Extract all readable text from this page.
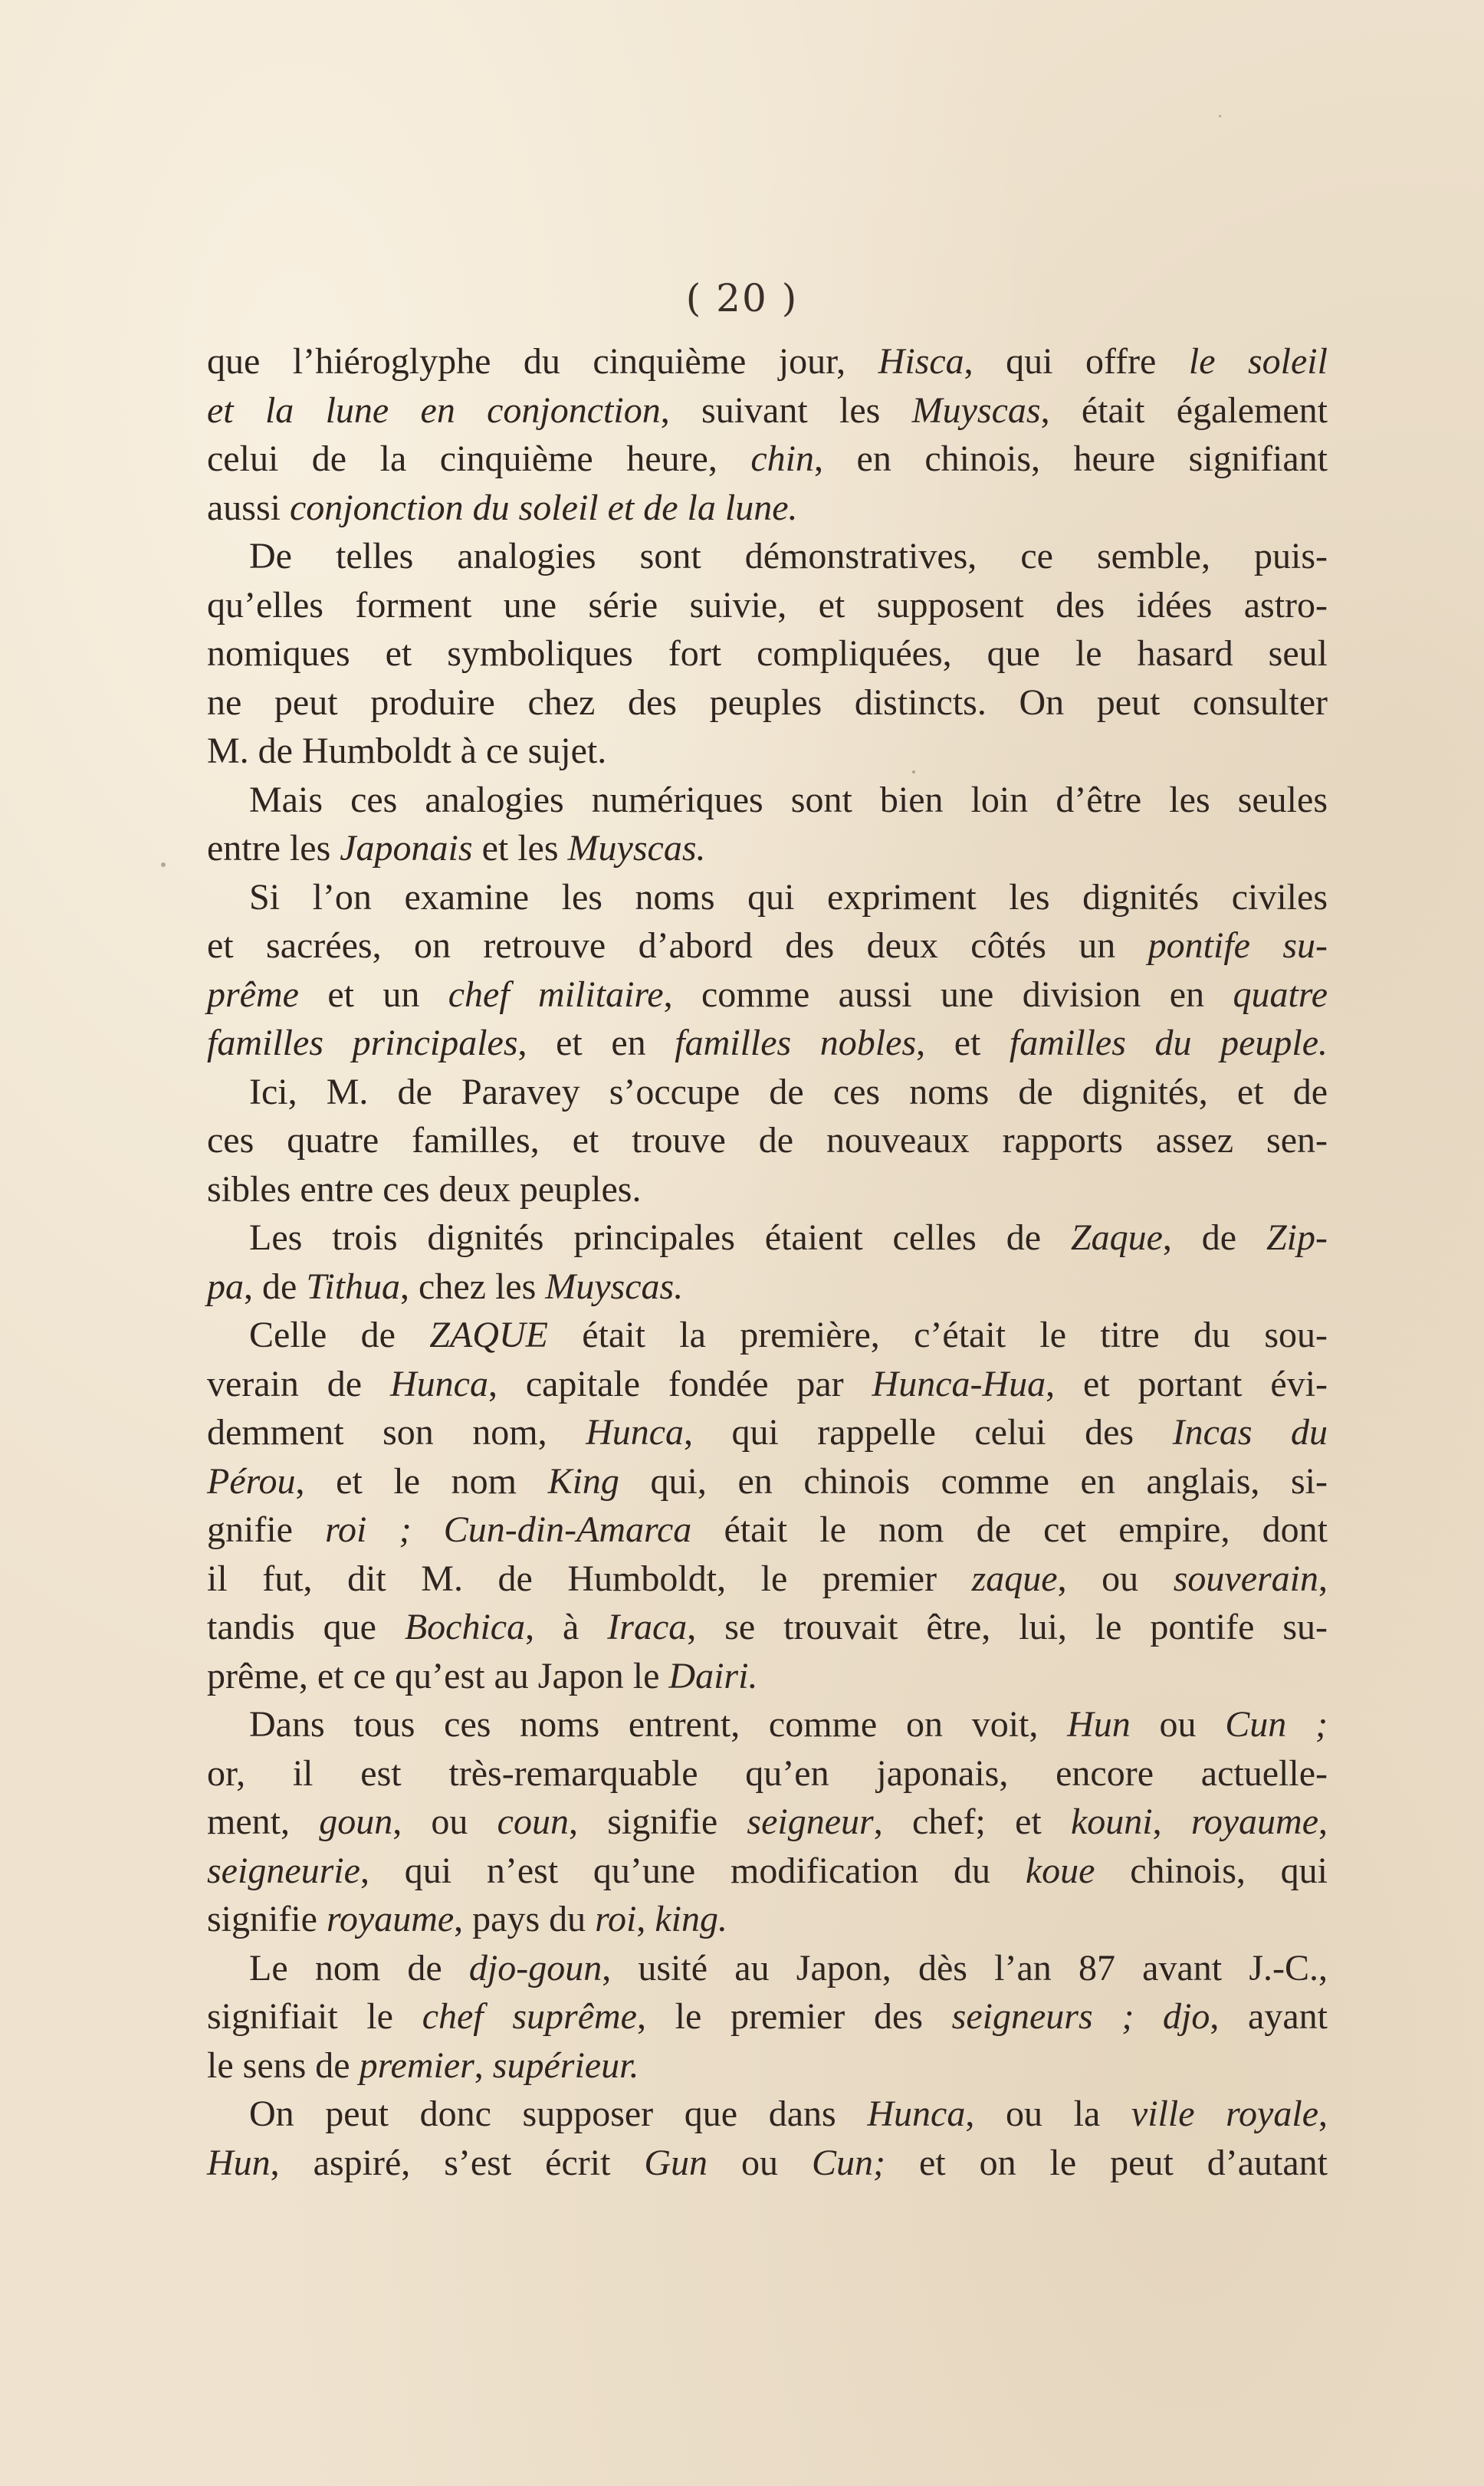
( 20 )
que l’hiéroglyphe du cinquième jour, Hisca, qui offre le soleil
et la lune en conjonction, suivant les Muyscas, était également
celui de la cinquième heure, chin, en chinois, heure signifiant
aussi conjonction du soleil et de la lune.
De telles analogies sont démonstratives, ce semble, puis-
qu’elles forment une série suivie, et supposent des idées astro-
nomiques et symboliques fort compliquées, que le hasard seul
ne peut produire chez des peuples distincts. On peut consulter
M. de Humboldt à ce sujet.
Mais ces analogies numériques sont bien loin d’être les seules
entre les Japonais et les Muyscas.
Si l’on examine les noms qui expriment les dignités civiles
et sacrées, on retrouve d’abord des deux côtés un pontife su-
prême et un chef militaire, comme aussi une division en quatre
familles principales, et en familles nobles, et familles du peuple.
Ici, M. de Paravey s’occupe de ces noms de dignités, et de
ces quatre familles, et trouve de nouveaux rapports assez sen-
sibles entre ces deux peuples.
Les trois dignités principales étaient celles de Zaque, de Zip-
pa, de Tithua, chez les Muyscas.
Celle de ZAQUE était la première, c’était le titre du sou-
verain de Hunca, capitale fondée par Hunca-Hua, et portant évi-
demment son nom, Hunca, qui rappelle celui des Incas du
Pérou, et le nom King qui, en chinois comme en anglais, si-
gnifie roi ; Cun-din-Amarca était le nom de cet empire, dont
il fut, dit M. de Humboldt, le premier zaque, ou souverain,
tandis que Bochica, à Iraca, se trouvait être, lui, le pontife su-
prême, et ce qu’est au Japon le Dairi.
Dans tous ces noms entrent, comme on voit, Hun ou Cun ;
or, il est très-remarquable qu’en japonais, encore actuelle-
ment, goun, ou coun, signifie seigneur, chef; et kouni, royaume,
seigneurie, qui n’est qu’une modification du koue chinois, qui
signifie royaume, pays du roi, king.
Le nom de djo-goun, usité au Japon, dès l’an 87 avant J.-C.,
signifiait le chef suprême, le premier des seigneurs ; djo, ayant
le sens de premier, supérieur.
On peut donc supposer que dans Hunca, ou la ville royale,
Hun, aspiré, s’est écrit Gun ou Cun; et on le peut d’autant
